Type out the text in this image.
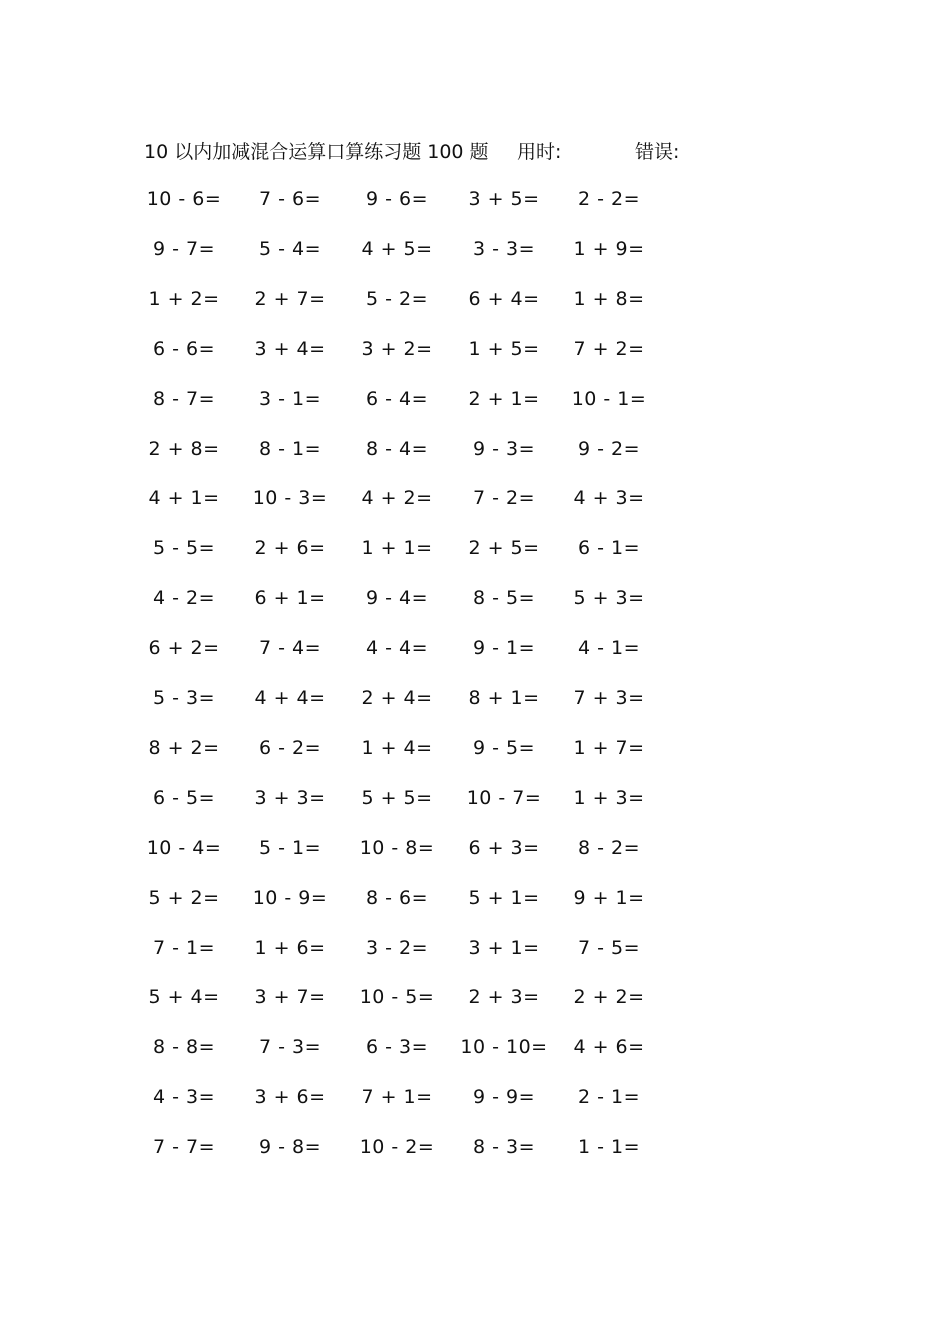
10 以内加减混合运算口算练习题 100 题 用时:	错误:
10 - 6= 7 - 6= 9 - 6= 3 + 5= 2 - 2=
9 - 7= 5 - 4= 4 + 5= 3 - 3= 1 + 9=
1 + 2= 2 + 7= 5 - 2= 6 + 4= 1 + 8=
6 - 6= 3 + 4= 3 + 2= 1 + 5= 7 + 2=
8 - 7= 3 - 1= 6 - 4= 2 + 1= 10 - 1=
2 + 8= 8 - 1= 8 - 4= 9 - 3= 9 - 2=
4 + 1= 10 - 3= 4 + 2= 7 - 2= 4 + 3=
5 - 5= 2 + 6= 1 + 1= 2 + 5= 6 - 1=
4 - 2= 6 + 1= 9 - 4= 8 - 5= 5 + 3=
6 + 2= 7 - 4= 4 - 4= 9 - 1= 4 - 1=
5 - 3= 4 + 4= 2 + 4= 8 + 1= 7 + 3=
8 + 2= 6 - 2= 1 + 4= 9 - 5= 1 + 7=
6 - 5= 3 + 3= 5 + 5= 10 - 7= 1 + 3=
10 - 4= 5 - 1= 10 - 8= 6 + 3= 8 - 2=
5 + 2= 10 - 9= 8 - 6= 5 + 1= 9 + 1=
7 - 1= 1 + 6= 3 - 2= 3 + 1= 7 - 5=
5 + 4= 3 + 7= 10 - 5= 2 + 3= 2 + 2=
8 - 8= 7 - 3= 6 - 3= 10 - 10= 4 + 6=
4 - 3= 3 + 6= 7 + 1= 9 - 9= 2 - 1=
7 - 7= 9 - 8= 10 - 2= 8 - 3= 1 - 1=
